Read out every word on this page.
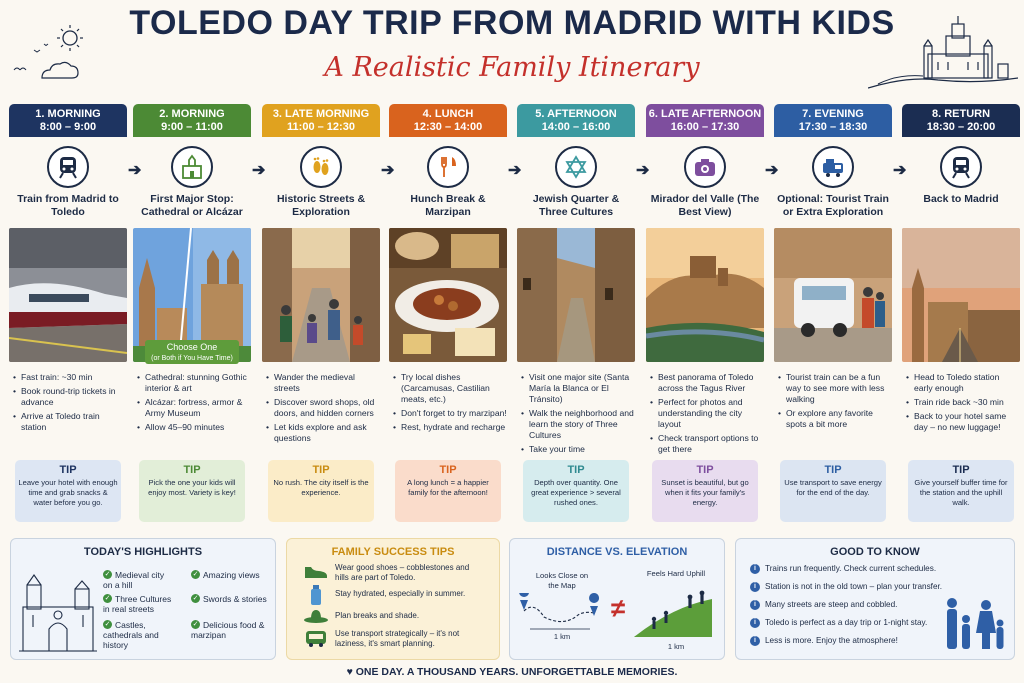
TOLEDO DAY TRIP FROM MADRID WITH KIDS
A Realistic Family Itinerary
1. MORNING
8:00 – 9:00
Train from Madrid to Toledo
• Fast train: ~30 min
• Book round-trip tickets in advance
• Arrive at Toledo train station
TIP
Leave your hotel with enough time and grab snacks & water before you go.
➔
2. MORNING
9:00 – 11:00
First Major Stop: Cathedral or Alcázar
Choose One
(or Both if You Have Time)
• Cathedral: stunning Gothic interior & art
• Alcázar: fortress, armor & Army Museum
• Allow 45–90 minutes
TIP
Pick the one your kids will enjoy most. Variety is key!
➔
3. LATE MORNING
11:00 – 12:30
Historic Streets & Exploration
• Wander the medieval streets
• Discover sword shops, old doors, and hidden corners
• Let kids explore and ask questions
TIP
No rush. The city itself is the experience.
➔
4. LUNCH
12:30 – 14:00
Hunch Break & Marzipan
• Try local dishes (Carcamusas, Castilian meats, etc.)
• Don't forget to try marzipan!
• Rest, hydrate and recharge
TIP
A long lunch = a happier family for the afternoon!
➔
5. AFTERNOON
14:00 – 16:00
Jewish Quarter & Three Cultures
• Visit one major site (Santa María la Blanca or El Tránsito)
• Walk the neighborhood and learn the story of Three Cultures
• Take your time
TIP
Depth over quantity. One great experience > several rushed ones.
➔
6. LATE AFTERNOON
16:00 – 17:30
Mirador del Valle (The Best View)
• Best panorama of Toledo across the Tagus River
• Perfect for photos and understanding the city layout
• Check transport options to get there
TIP
Sunset is beautiful, but go when it fits your family's energy.
➔
7. EVENING
17:30 – 18:30
Optional: Tourist Train or Extra Exploration
• Tourist train can be a fun way to see more with less walking
• Or explore any favorite spots a bit more
TIP
Use transport to save energy for the end of the day.
➔
8. RETURN
18:30 – 20:00
Back to Madrid
• Head to Toledo station early enough
• Train ride back ~30 min
• Back to your hotel same day – no new luggage!
TIP
Give yourself buffer time for the station and the uphill walk.
TODAY'S HIGHLIGHTS
✓ Medieval city on a hill
✓ Three Cultures in real streets
✓ Castles, cathedrals and history
✓ Amazing views
✓ Swords & stories
✓ Delicious food & marzipan
FAMILY SUCCESS TIPS
Wear good shoes – cobblestones and hills are part of Toledo.
Stay hydrated, especially in summer.
Plan breaks and shade.
Use transport strategically – it's not laziness, it's smart planning.
DISTANCE VS. ELEVATION
Looks Close on the Map
Feels Hard Uphill
1 km
≠
1 km
GOOD TO KNOW
i Trains run frequently. Check current schedules.
i Station is not in the old town – plan your transfer.
i Many streets are steep and cobbled.
i Toledo is perfect as a day trip or 1-night stay.
i Less is more. Enjoy the atmosphere!
♥ ONE DAY. A THOUSAND YEARS. UNFORGETTABLE MEMORIES.
